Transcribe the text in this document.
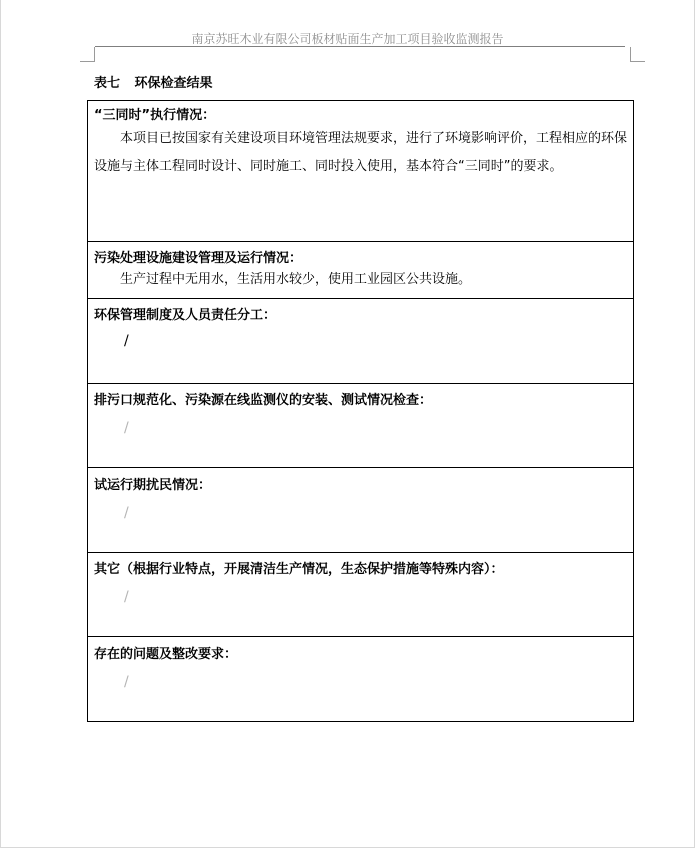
南京苏旺木业有限公司板材贴面生产加工项目验收监测报告
表七 环保检查结果
“三同时”执行情况：
本项目已按国家有关建设项目环境管理法规要求，进行了环境影响评价，工程相应的环保设施与主体工程同时设计、同时施工、同时投入使用，基本符合“三同时”的要求。
污染处理设施建设管理及运行情况：
生产过程中无用水，生活用水较少，使用工业园区公共设施。
环保管理制度及人员责任分工：
/
排污口规范化、污染源在线监测仪的安装、测试情况检查：
/
试运行期扰民情况：
/
其它（根据行业特点，开展清洁生产情况，生态保护措施等特殊内容）：
/
存在的问题及整改要求：
/
